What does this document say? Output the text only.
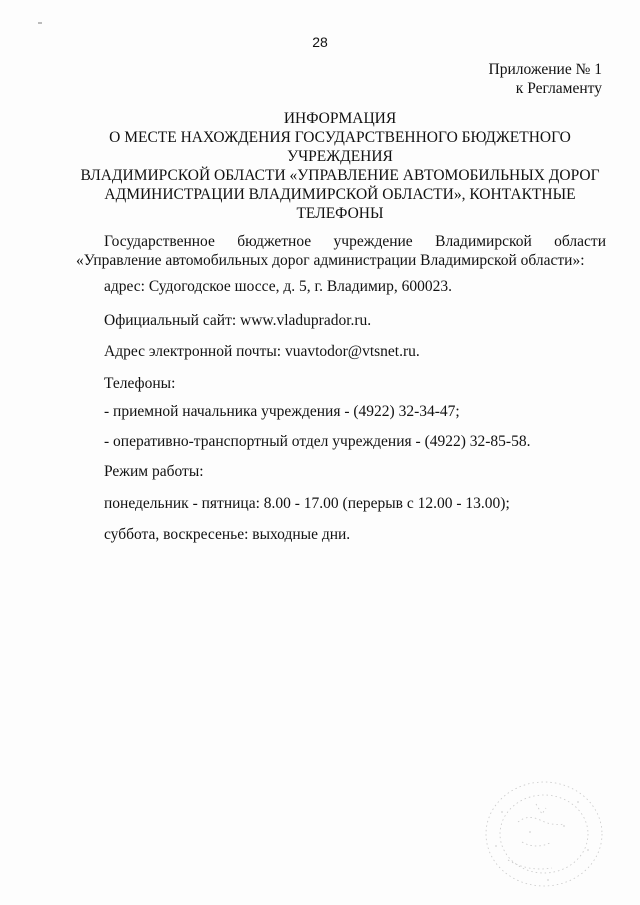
28
Приложение № 1
к Регламенту
ИНФОРМАЦИЯ
О МЕСТЕ НАХОЖДЕНИЯ ГОСУДАРСТВЕННОГО БЮДЖЕТНОГО
УЧРЕЖДЕНИЯ
ВЛАДИМИРСКОЙ ОБЛАСТИ «УПРАВЛЕНИЕ АВТОМОБИЛЬНЫХ ДОРОГ
АДМИНИСТРАЦИИ ВЛАДИМИРСКОЙ ОБЛАСТИ», КОНТАКТНЫЕ
ТЕЛЕФОНЫ

Государственное бюджетное учреждение Владимирской области «Управление автомобильных дорог администрации Владимирской области»:

адрес: Судогодское шоссе, д. 5, г. Владимир, 600023.
Официальный сайт: www.vladuprador.ru.
Адрес электронной почты: vuavtodor@vtsnet.ru.
Телефоны:
- приемной начальника учреждения - (4922) 32-34-47;
- оперативно-транспортный отдел учреждения - (4922) 32-85-58.
Режим работы:
понедельник - пятница: 8.00 - 17.00 (перерыв с 12.00 - 13.00);
суббота, воскресенье: выходные дни.
